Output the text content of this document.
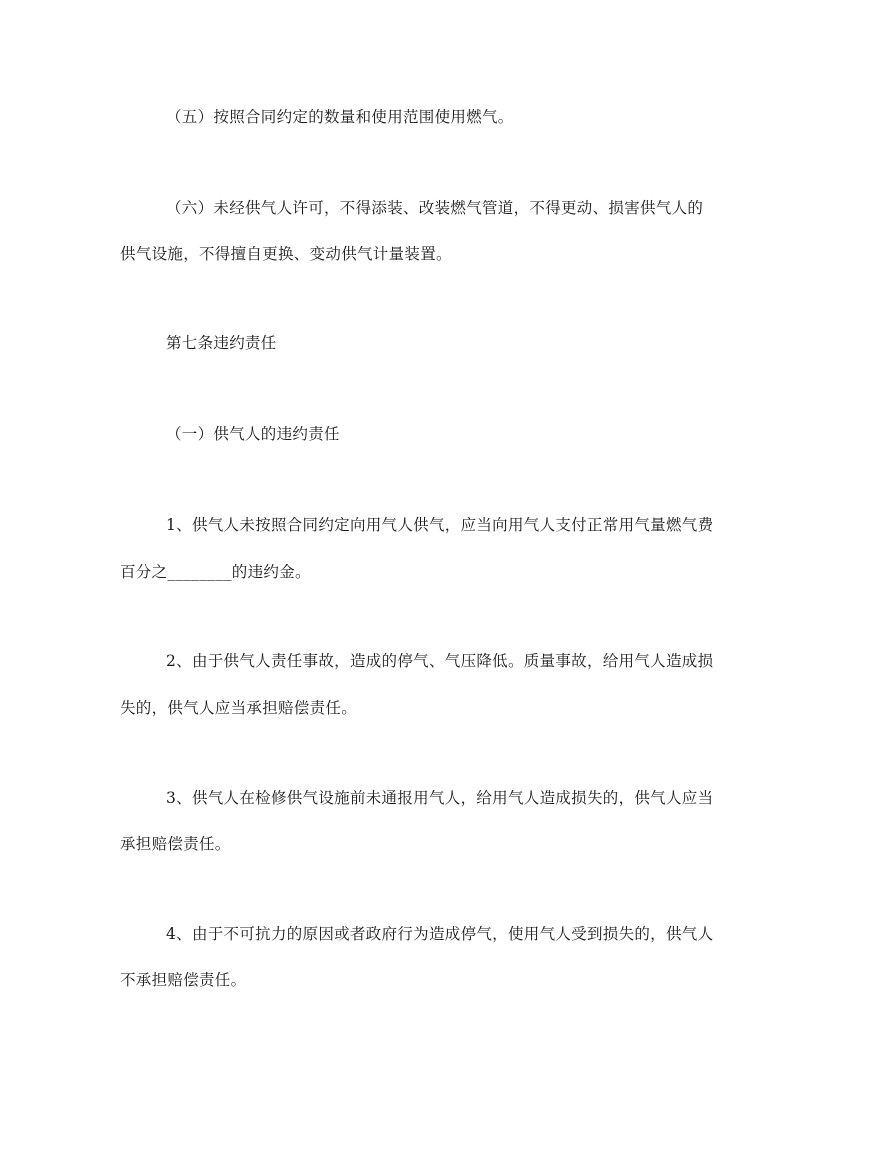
（五）按照合同约定的数量和使用范围使用燃气。
（六）未经供气人许可，不得添装、改装燃气管道，不得更动、损害供气人的
供气设施，不得擅自更换、变动供气计量装置。
第七条违约责任
（一）供气人的违约责任
1、供气人未按照合同约定向用气人供气，应当向用气人支付正常用气量燃气费
百分之________的违约金。
2、由于供气人责任事故，造成的停气、气压降低。质量事故，给用气人造成损
失的，供气人应当承担赔偿责任。
3、供气人在检修供气设施前未通报用气人，给用气人造成损失的，供气人应当
承担赔偿责任。
4、由于不可抗力的原因或者政府行为造成停气，使用气人受到损失的，供气人
不承担赔偿责任。
